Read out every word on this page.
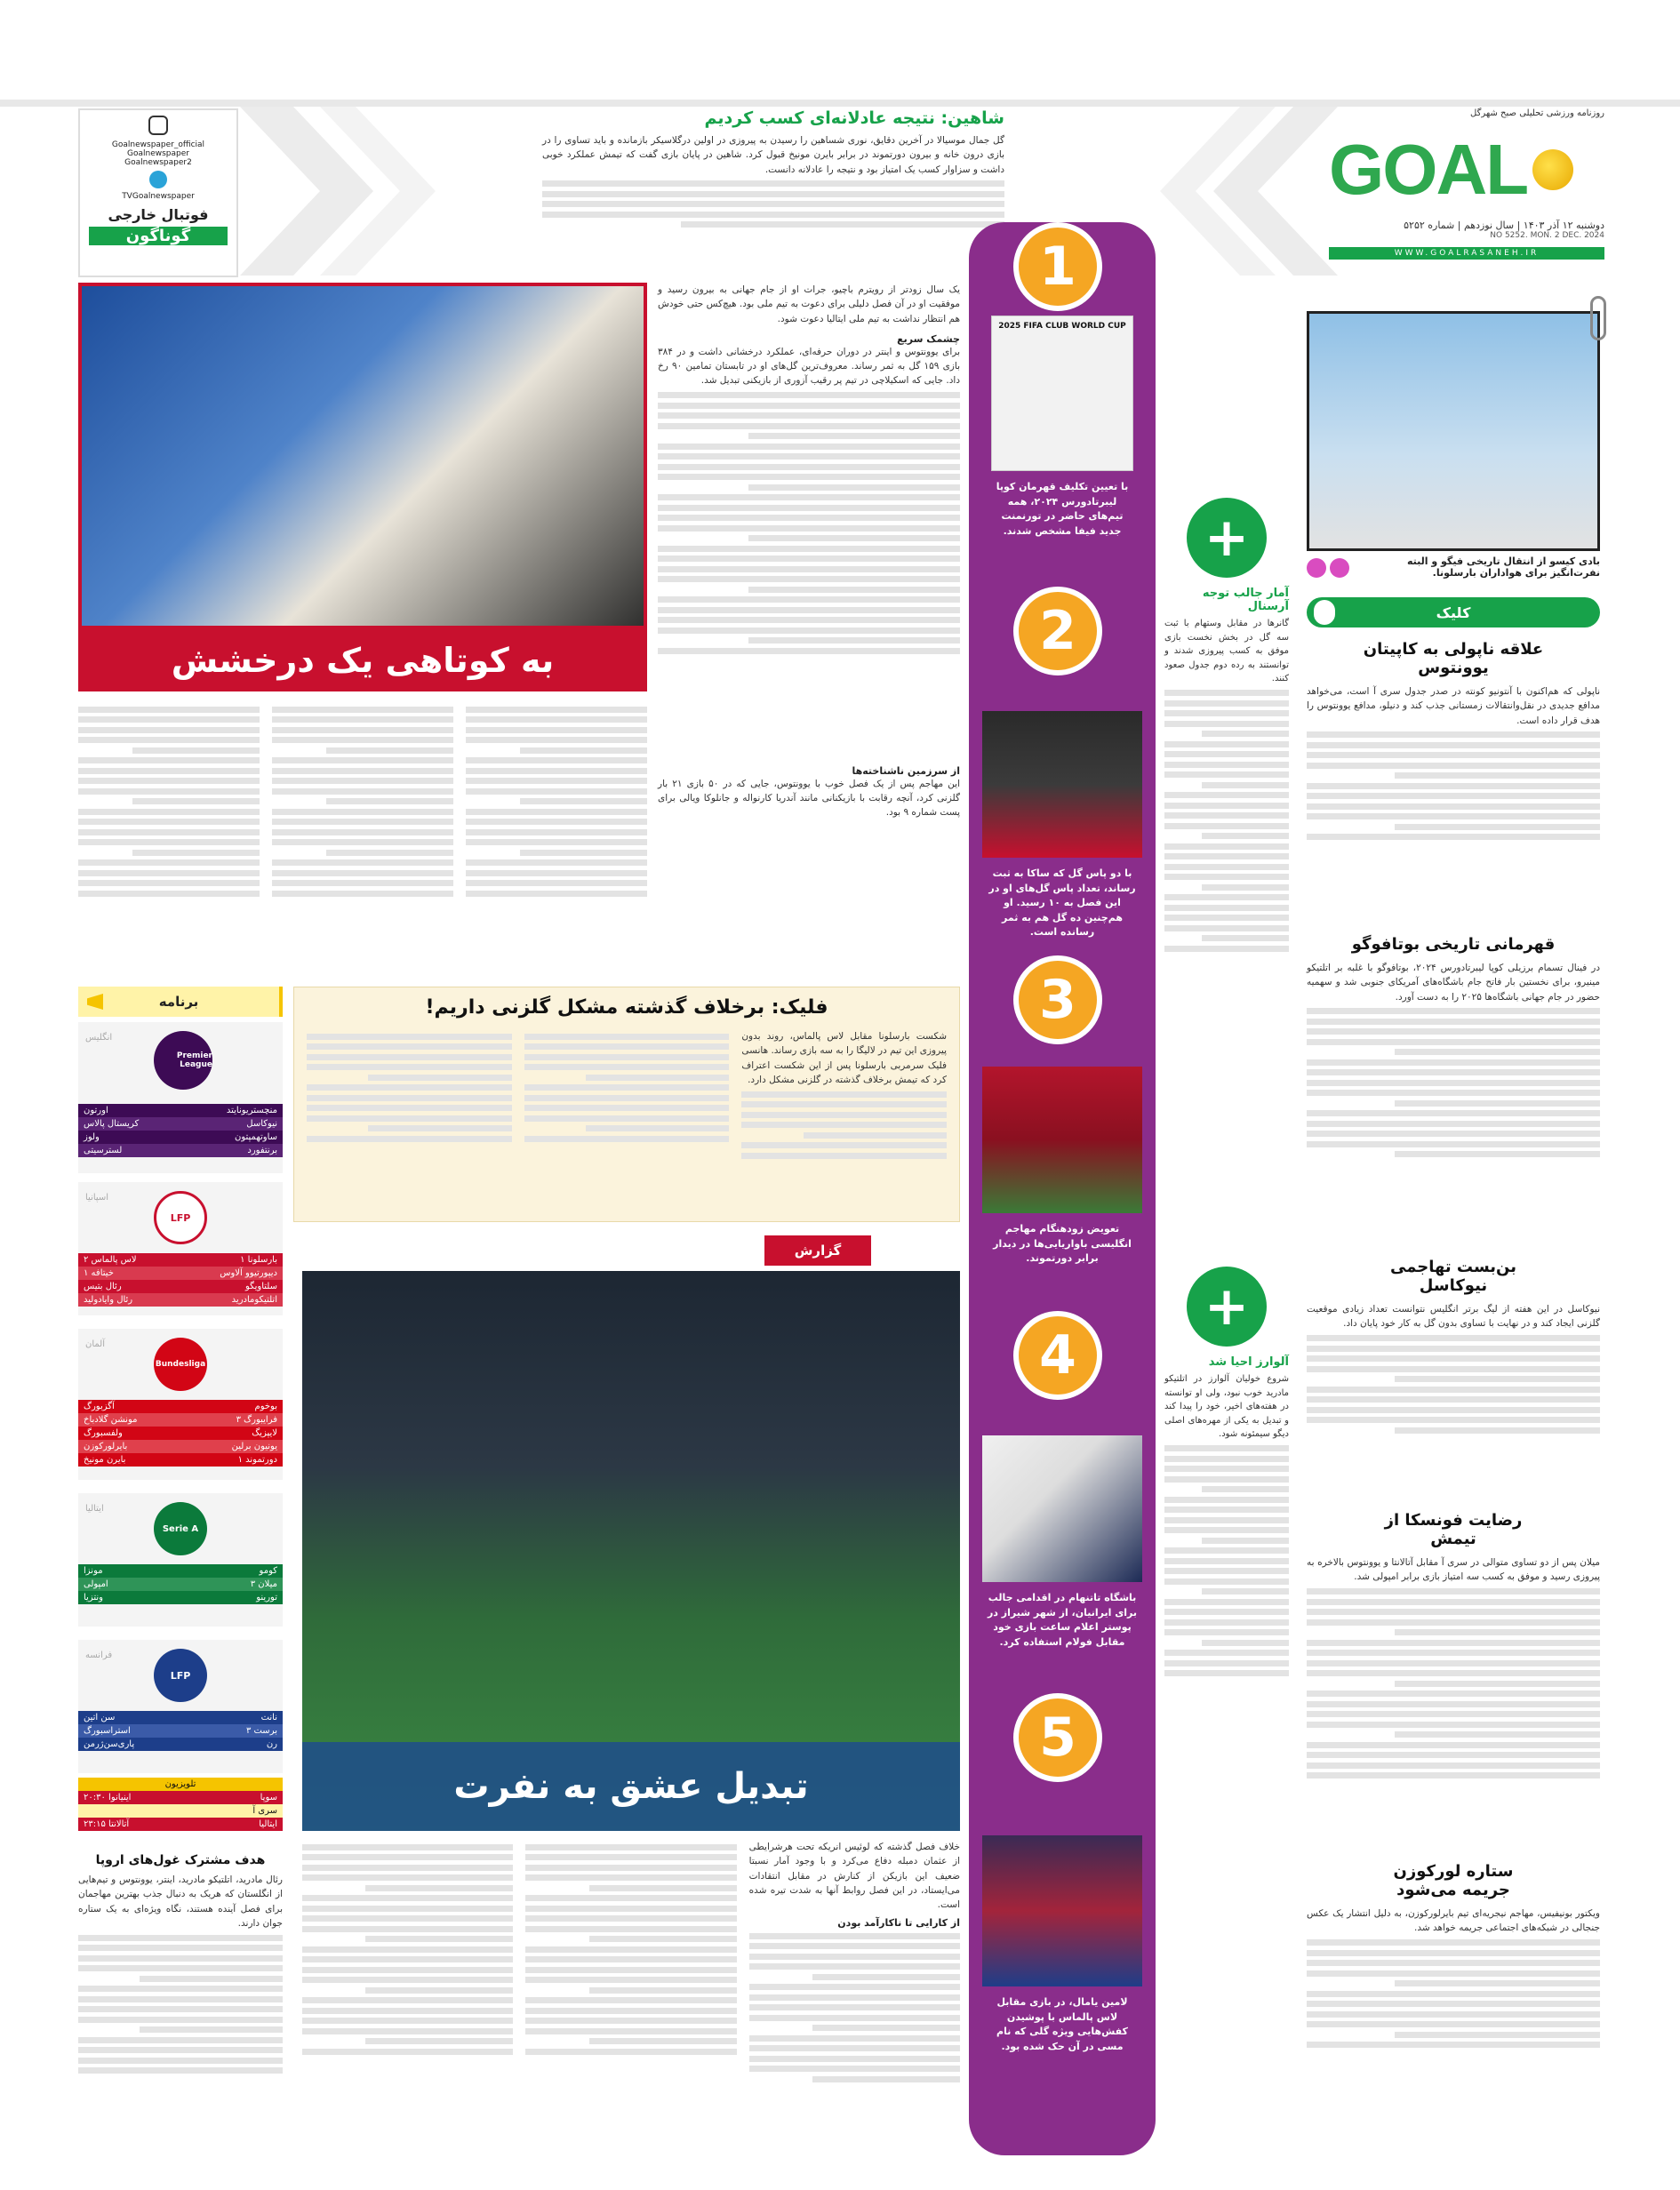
روزنامه ورزشی تحلیلی صبح شهرگل
GOAL
دوشنبه ۱۲ آذر ۱۴۰۳ | سال نوزدهم | شماره ۵۲۵۲
NO 5252. MON. 2 DEC. 2024
WWW.GOALRASANEH.IR
شاهین: نتیجه عادلانه‌ای کسب کردیم
گل جمال موسیالا در آخرین دقایق، نوری شساهین را رسیدن به پیروزی در اولین درگلاسیکر بازمانده و باید تساوی را در بازی درون خانه و بیرون دورتموند در برابر بایرن مونیخ قبول کرد. شاهین در پایان بازی گفت که تیمش عملکرد خوبی داشت و سزاوار کسب یک امتیاز بود و نتیجه را عادلانه دانست.
Goalnewspaper_official
Goalnewspaper
Goalnewspaper2
TVGoalnewspaper
فوتبال خارجی
گوناگون
بادی کیسو از انتقال تاریخی فیگو و البته نفرت‌انگیز برای هواداران بارسلونا.
کلیک
علاقه ناپولی به کاپیتان یوونتوس
ناپولی که هم‌اکنون با آنتونیو کونته در صدر جدول سری آ است، می‌خواهد مدافع جدیدی در نقل‌وانتقالات زمستانی جذب کند و دنیلو، مدافع یوونتوس را هدف قرار داده است.
قهرمانی تاریخی بوتافوگو
در فینال تسمام برزیلی کوپا لیبرتادورس ۲۰۲۴، بوتافوگو با غلبه بر اتلتیکو مینیرو، برای نخستین بار فاتح جام باشگاه‌های آمریکای جنوبی شد و سهمیه حضور در جام جهانی باشگاه‌ها ۲۰۲۵ را به دست آورد.
بن‌بست تهاجمی نیوکاسل
نیوکاسل در این هفته از لیگ برتر انگلیس نتوانست تعداد زیادی موقعیت گلزنی ایجاد کند و در نهایت با تساوی بدون گل به کار خود پایان داد.
رضایت فونسکا از تیمش
میلان پس از دو تساوی متوالی در سری آ مقابل آتالانتا و یوونتوس بالاخره به پیروزی رسید و موفق به کسب سه امتیاز بازی برابر امپولی شد.
ستاره لورکوزن جریمه می‌شود
ویکتور بونیفیس، مهاجم نیجریه‌ای تیم بایرلورکوزن، به دلیل انتشار یک عکس جنجالی در شبکه‌های اجتماعی جریمه خواهد شد.
1
2025 FIFA CLUB WORLD CUP
با تعیین تکلیف قهرمان کوپا لیبرتادورس ۲۰۲۴، همه تیم‌های حاضر در تورنمنت جدید فیفا مشخص شدند.
2
با دو پاس گل که ساکا به ثبت رساند، تعداد پاس گل‌های او در این فصل به ۱۰ رسید. او هم‌چنین ده گل هم به ثمر رسانده است.
3
تعویض زودهنگام مهاجم انگلیسی باواریایی‌ها در دیدار برابر دورتموند.
4
باشگاه تاتنهام در اقدامی جالب برای ایرانیان، از شهر شیراز در پوستر اعلام ساعت بازی خود مقابل فولام استفاده کرد.
5
لامین یامال، در بازی مقابل لاس پالماس با پوشیدن کفش‌هایی ویژه گلی که نام مسی در آن حک شده بود.
+
آمار جالب توجه آرسنال
گانرها در مقابل وستهام با ثبت سه گل در بخش نخست بازی موفق به کسب پیروزی شدند و توانستند به رده دوم جدول صعود کنند.
+
آلوارز احیا شد
شروع خولیان آلوارز در اتلتیکو مادرید خوب نبود، ولی او توانسته در هفته‌های اخیر، خود را پیدا کند و تبدیل به یکی از مهره‌های اصلی دیگو سیمئونه شود.
به کوتاهی یک درخشش
یک سال زودتر از رویترم باچیو، جرات او از جام جهانی به بیرون رسید و موفقیت او در آن فصل دلیلی برای دعوت به تیم ملی بود. هیچ‌کس حتی خودش هم انتظار نداشت به تیم ملی ایتالیا دعوت شود.
چشمک سریع
برای یوونتوس و اینتر در دوران حرفه‌ای، عملکرد درخشانی داشت و در ۳۸۴ بازی ۱۵۹ گل به ثمر رساند. معروف‌ترین گل‌های او در تابستان تمامین ۹۰ رخ داد. جایی که اسکیلاچی در تیم پر رقیب آزوری از بازیکنی تبدیل شد.
از سرزمین ناشناخته‌ها
این مهاجم پس از یک فصل خوب با یوونتوس، جایی که در ۵۰ بازی ۲۱ بار گلزنی کرد، آنچه رقابت با بازیکنانی مانند آندریا کارنواله و جانلوکا ویالی برای پست شماره ۹ بود.
فلیک: برخلاف گذشته مشکل گلزنی داریم!
شکست بارسلونا مقابل لاس پالماس، روند بدون پیروزی این تیم در لالیگا را به سه بازی رساند. هانسی فلیک سرمربی بارسلونا پس از این شکست اعتراف کرد که تیمش برخلاف گذشته در گلزنی مشکل دارد.
گزارش
تبدیل عشق به نفرت
خلاف فصل گذشته که لوئیس انریکه تحت هرشرایطی از عثمان دمبله دفاع می‌کرد و با وجود آمار نسبتا ضعیف این بازیکن از کنارش در مقابل انتقادات می‌ایستاد، در این فصل روابط آنها به شدت تیره شده است.
از کارایی تا ناکارآمد بودن
برنامه
Premier League
انگلیس
منچستریونایتد
اورتون
نیوکاسل
کریستال پالاس
ساوتهمپتون
ولوز
برنتفورد
لسترسیتی
LFP
اسپانیا
بارسلونا ۱
لاس پالماس ۲
دیپورتیوو آلاوس
خیتافه ۱
سلتاویگو
رئال بتیس
اتلتیکومادرید
رئال وایادولید
Bundesliga
آلمان
بوخوم
آگزبورگ
فرایبورگ ۳
مونشن گلادباخ
لایپزیگ
ولفسبورگ
یونیون برلین
بایرلورکوزن
دورتموند ۱
بایرن مونیخ
Serie A
ایتالیا
کومو
مونزا
میلان ۳
امپولی
تورینو
ونتزیا
LFP
فرانسه
نانت
سن اتین
برست ۳
استراسبورگ
رن
پاری‌سن‌ژرمن
تلویزیون
سوپا
اینیانوا ۲۰:۳۰
سری آ
ایتالیا
آتالانتا ۲۳:۱۵
هدف مشترک غول‌های اروپا
رئال مادرید، اتلتیکو مادرید، اینتر، یوونتوس و تیم‌هایی از انگلستان که هریک به دنبال جذب بهترین مهاجمان برای فصل آینده هستند، نگاه ویژه‌ای به یک ستاره جوان دارند.
